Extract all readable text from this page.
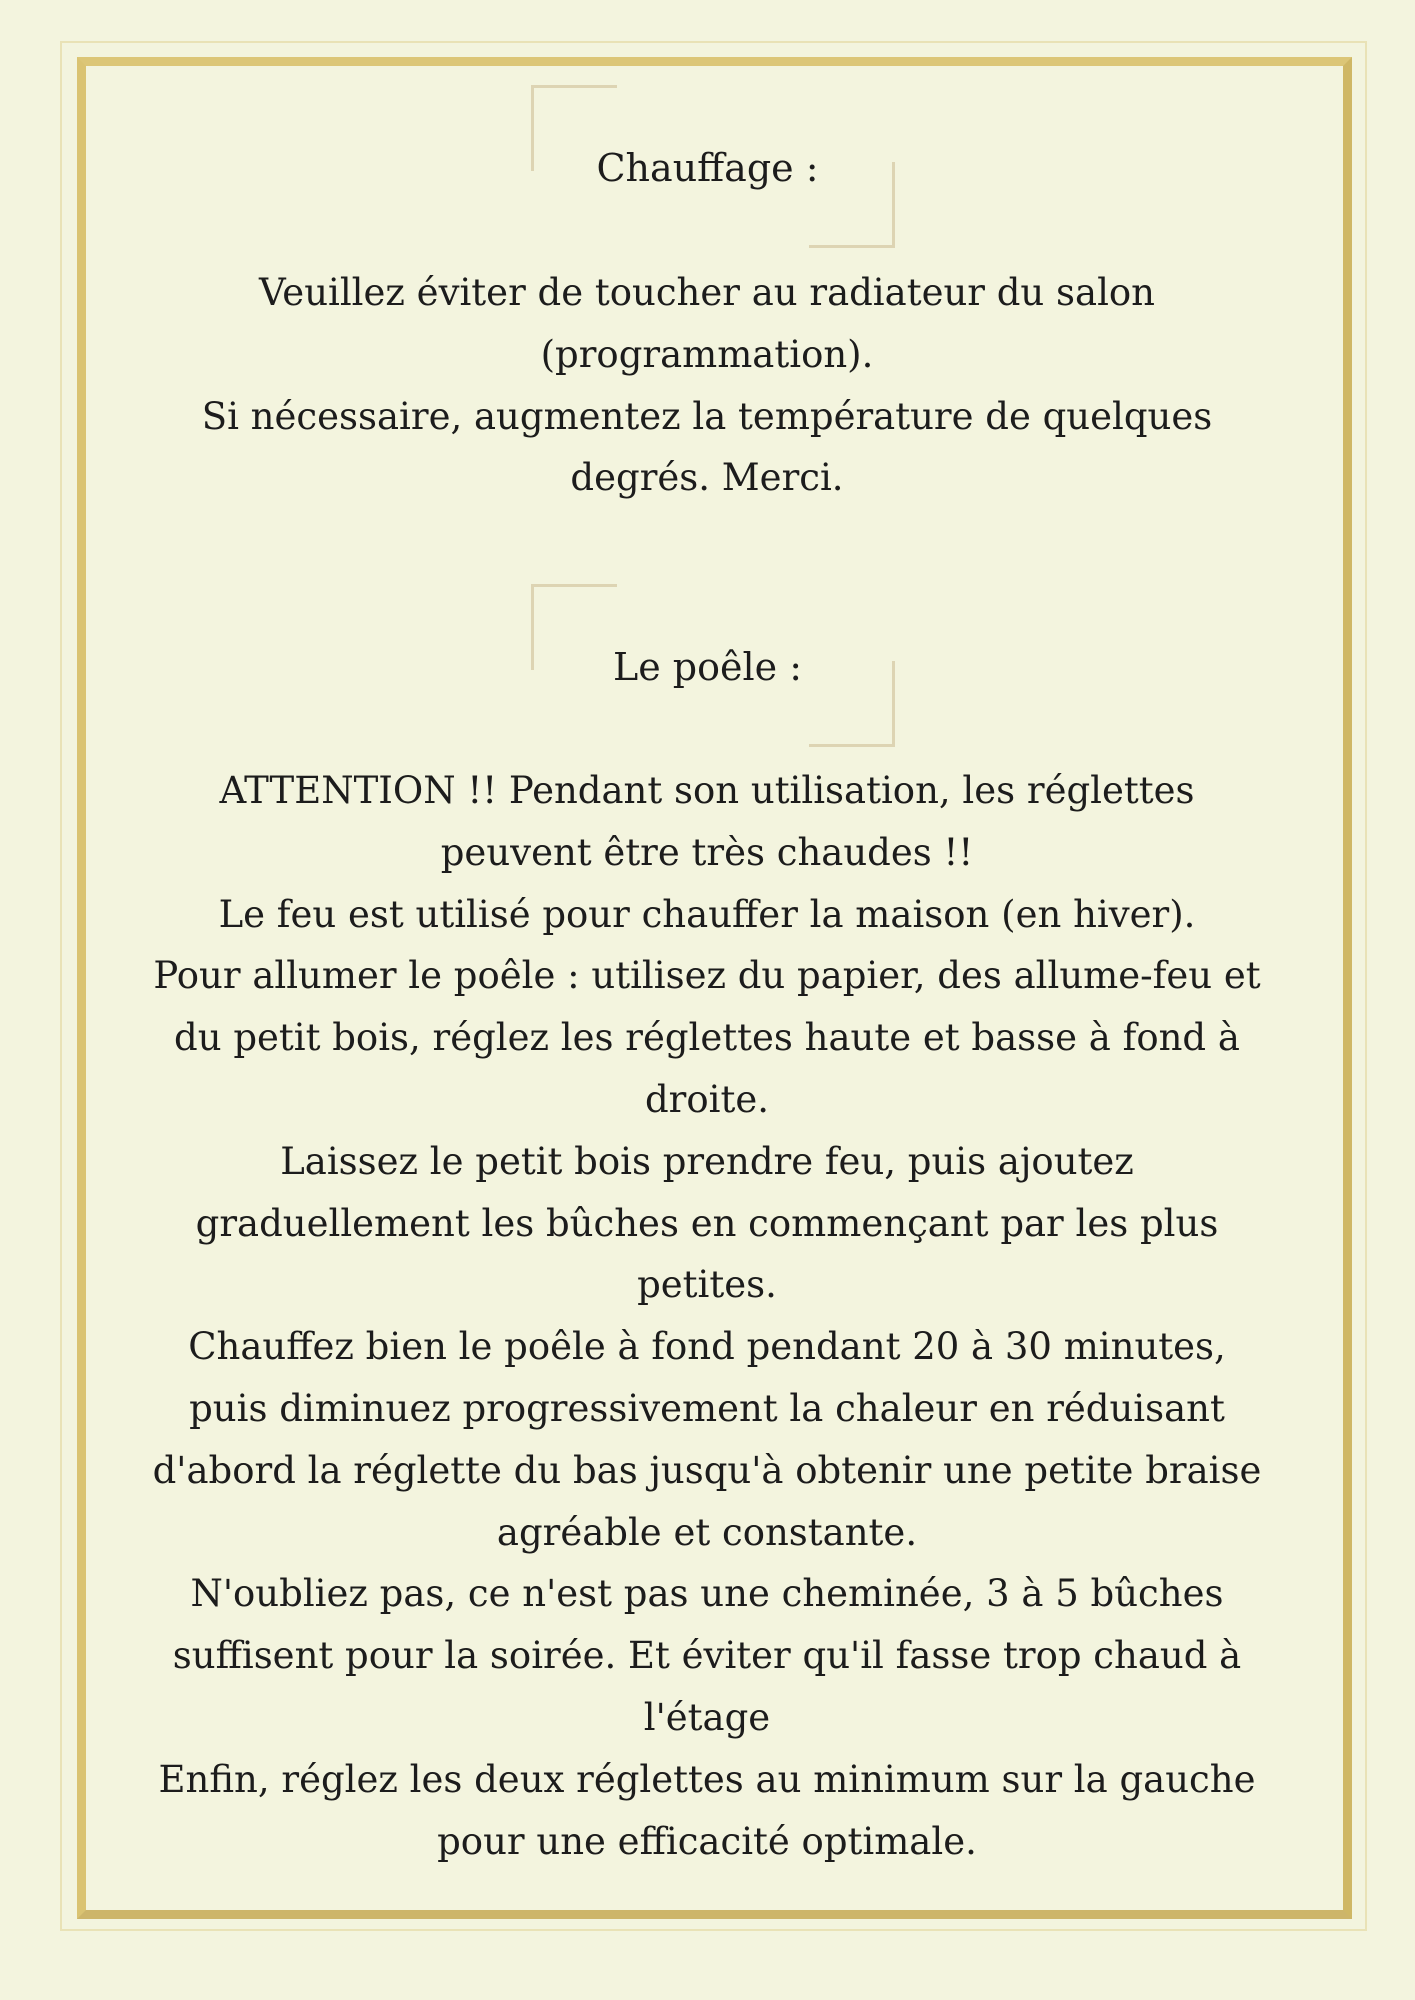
Chauffage :
Veuillez éviter de toucher au radiateur du salon
(programmation).
Si nécessaire, augmentez la température de quelques
degrés. Merci.
Le poêle :
ATTENTION !! Pendant son utilisation, les réglettes
peuvent être très chaudes !!
Le feu est utilisé pour chauffer la maison (en hiver).
Pour allumer le poêle : utilisez du papier, des allume-feu et
du petit bois, réglez les réglettes haute et basse à fond à
droite.
Laissez le petit bois prendre feu, puis ajoutez
graduellement les bûches en commençant par les plus
petites.
Chauffez bien le poêle à fond pendant 20 à 30 minutes,
puis diminuez progressivement la chaleur en réduisant
d'abord la réglette du bas jusqu'à obtenir une petite braise
agréable et constante.
N'oubliez pas, ce n'est pas une cheminée, 3 à 5 bûches
suffisent pour la soirée. Et éviter qu'il fasse trop chaud à
l'étage
Enfin, réglez les deux réglettes au minimum sur la gauche
pour une efficacité optimale.
